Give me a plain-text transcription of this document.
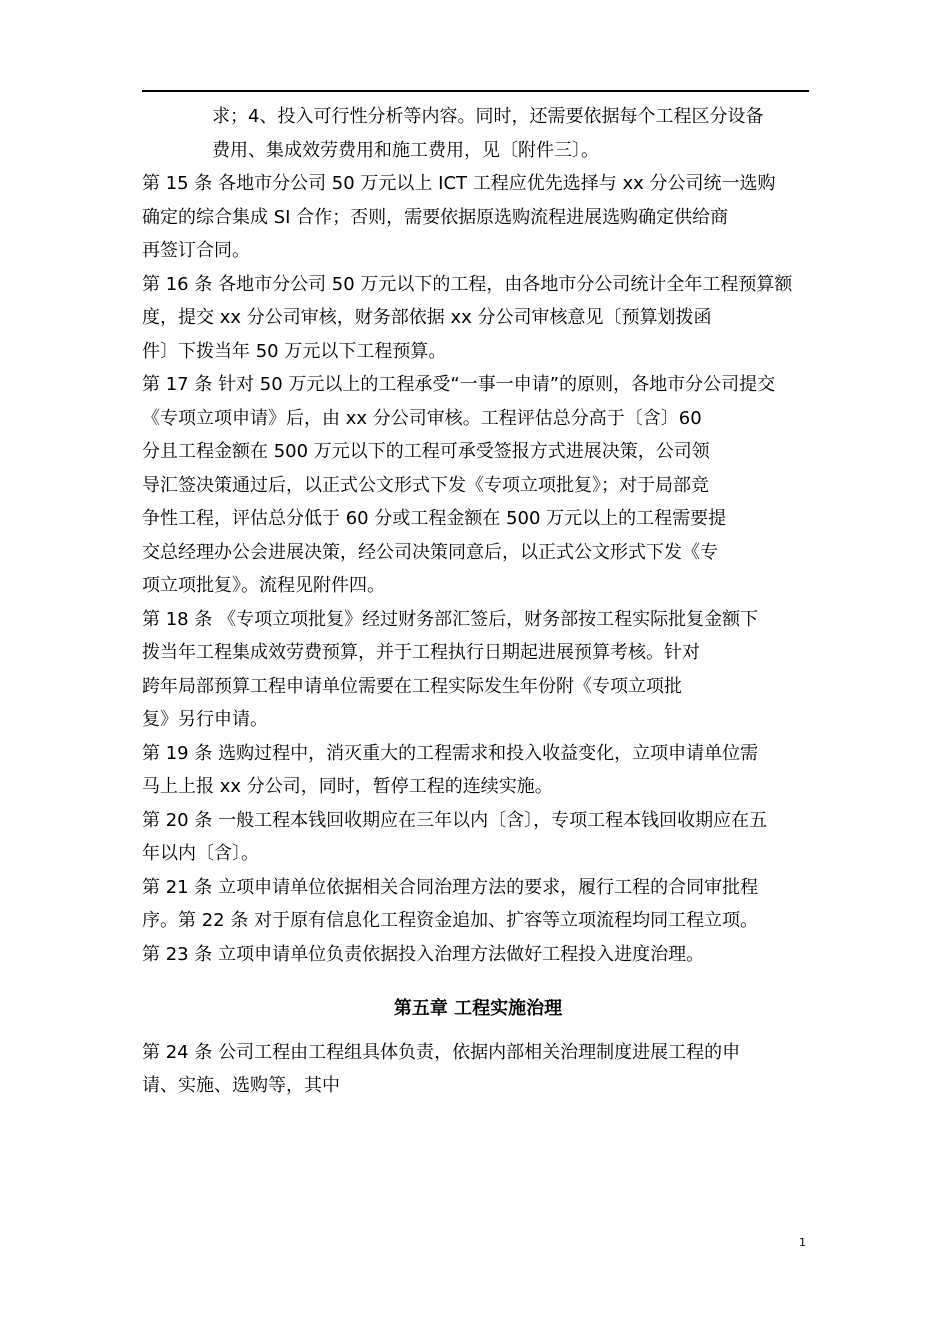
求；4、投入可行性分析等内容。同时，还需要依据每个工程区分设备
费用、集成效劳费用和施工费用，见〔附件三〕。

第 15 条 各地市分公司 50 万元以上 ICT 工程应优先选择与 xx 分公司统一选购
确定的综合集成 SI 合作；否则，需要依据原选购流程进展选购确定供给商
再签订合同。

第 16 条 各地市分公司 50 万元以下的工程，由各地市分公司统计全年工程预算额
度，提交 xx 分公司审核，财务部依据 xx 分公司审核意见〔预算划拨函
件〕下拨当年 50 万元以下工程预算。

第 17 条 针对 50 万元以上的工程承受“一事一申请”的原则，各地市分公司提交
《专项立项申请》后，由 xx 分公司审核。工程评估总分高于〔含〕60
分且工程金额在 500 万元以下的工程可承受签报方式进展决策，公司领
导汇签决策通过后，以正式公文形式下发《专项立项批复》；对于局部竞
争性工程，评估总分低于 60 分或工程金额在 500 万元以上的工程需要提
交总经理办公会进展决策，经公司决策同意后，以正式公文形式下发《专
项立项批复》。流程见附件四。

第 18 条 《专项立项批复》经过财务部汇签后，财务部按工程实际批复金额下
拨当年工程集成效劳费预算，并于工程执行日期起进展预算考核。针对
跨年局部预算工程申请单位需要在工程实际发生年份附《专项立项批
复》另行申请。

第 19 条 选购过程中，消灭重大的工程需求和投入收益变化，立项申请单位需
马上上报 xx 分公司，同时，暂停工程的连续实施。

第 20 条 一般工程本钱回收期应在三年以内〔含〕，专项工程本钱回收期应在五
年以内〔含〕。

第 21 条 立项申请单位依据相关合同治理方法的要求，履行工程的合同审批程
序。第 22 条 对于原有信息化工程资金追加、扩容等立项流程均同工程立项。
第 23 条 立项申请单位负责依据投入治理方法做好工程投入进度治理。

第五章 工程实施治理

第 24 条 公司工程由工程组具体负责，依据内部相关治理制度进展工程的申
请、实施、选购等，其中

1
